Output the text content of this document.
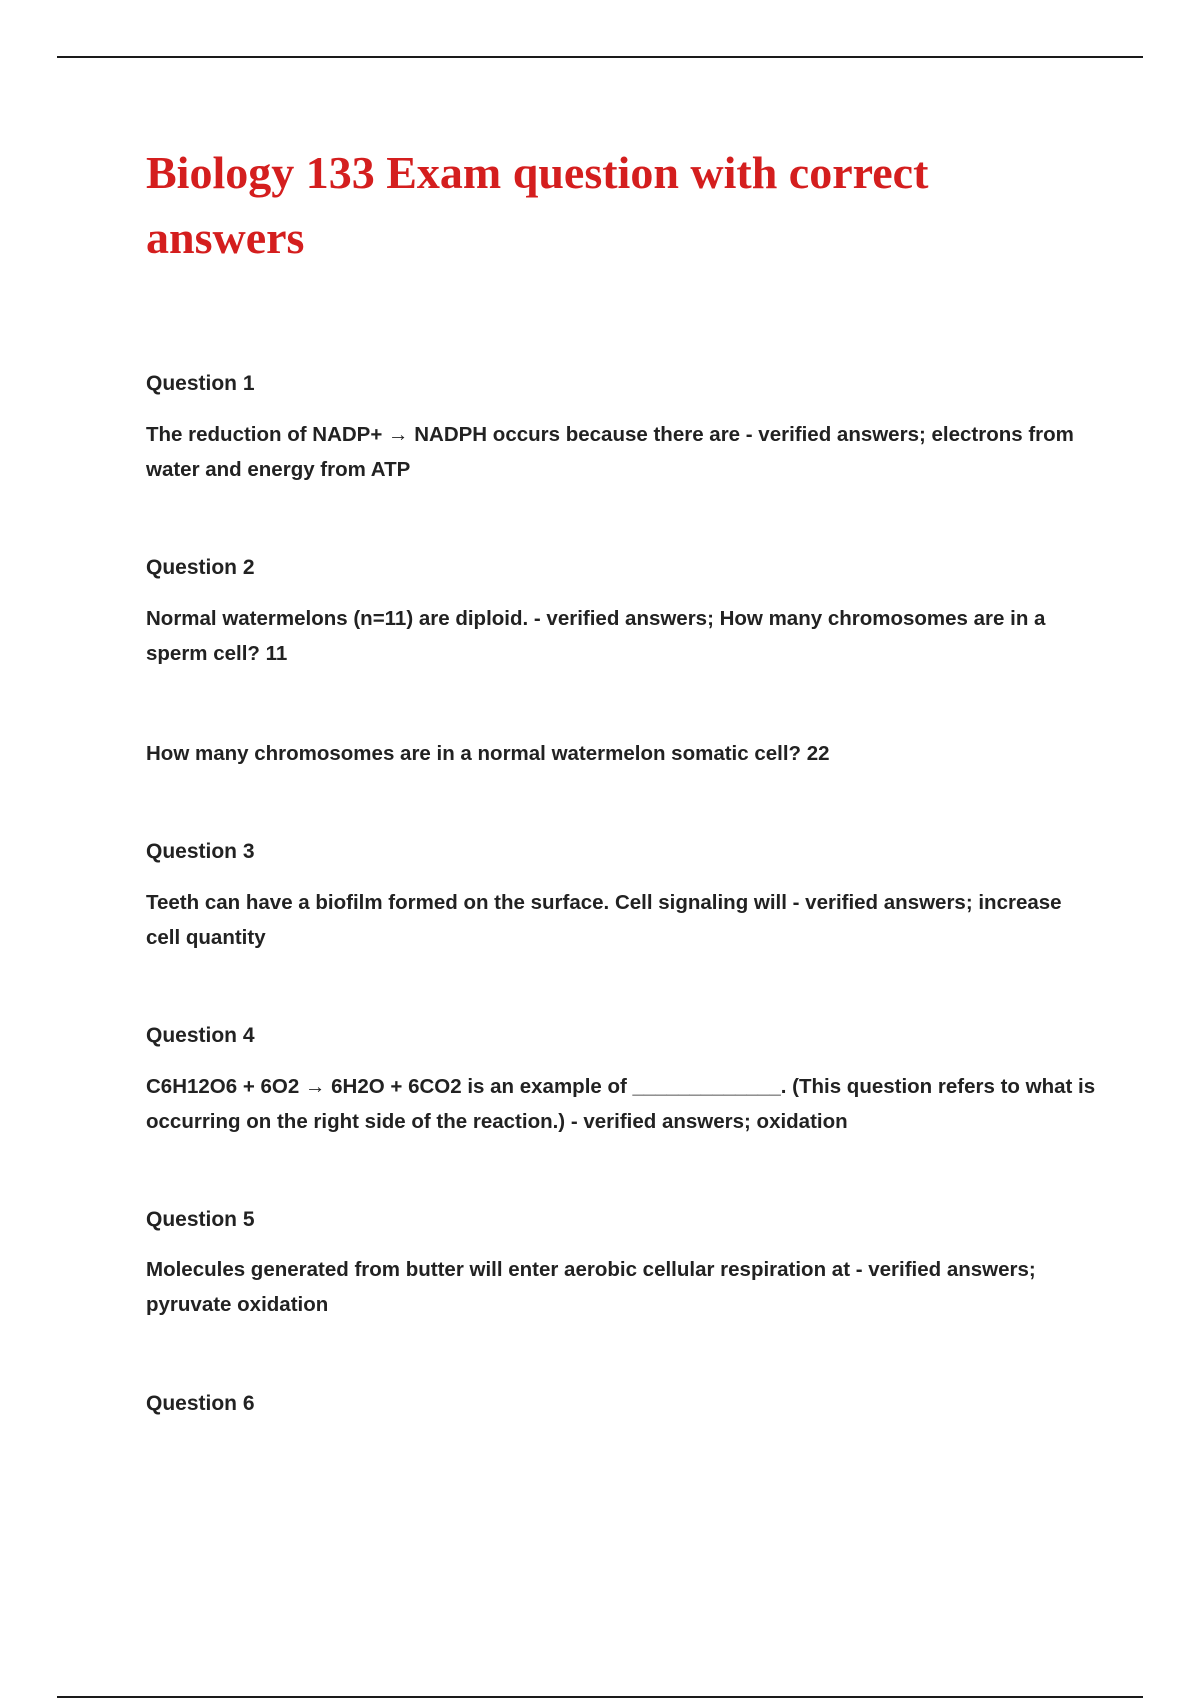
Biology 133 Exam question with correct answers

Question 1

The reduction of NADP+ → NADPH occurs because there are - verified answers; electrons from water and energy from ATP

Question 2

Normal watermelons (n=11) are diploid. - verified answers; How many chromosomes are in a sperm cell? 11

How many chromosomes are in a normal watermelon somatic cell? 22

Question 3

Teeth can have a biofilm formed on the surface. Cell signaling will - verified answers; increase cell quantity

Question 4

C6H12O6 + 6O2 → 6H2O + 6CO2 is an example of _____________. (This question refers to what is occurring on the right side of the reaction.) - verified answers; oxidation

Question 5

Molecules generated from butter will enter aerobic cellular respiration at - verified answers; pyruvate oxidation

Question 6
